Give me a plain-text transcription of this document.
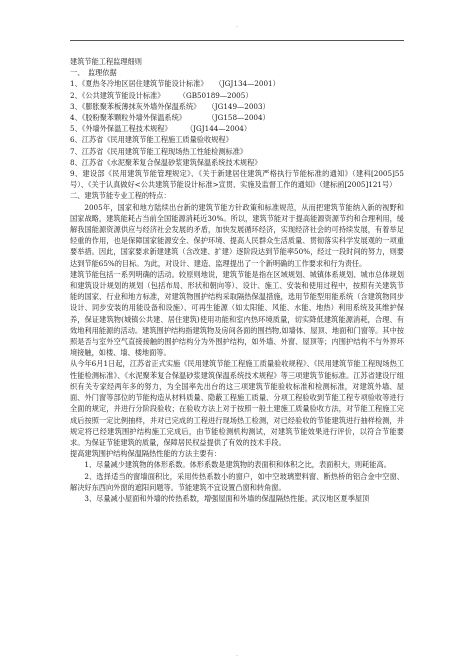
·
建筑节能工程监理细则
一、　监理依据
1、《夏热冬冷地区居住建筑节能设计标准》　　（JGJ134—2001）
2、《公共建筑节能设计标准》　　　（GB50189—2005）
3、《膨胀聚苯板薄抹灰外墙外保温系统》　　（JG149—2003）
4、《胶粉聚苯颗粒外墙外保温系统》　　　　（JG158—2004）
5、《外墙外保温工程技术规程》　　　（JGJ144—2004）
6、江苏省《民用建筑节能工程施工质量验收规程》
7、江苏省《民用建筑节能工程现场热工性能检测标准》
8、江苏省《水泥聚苯复合保温砂浆建筑保温系统技术规程》
9、建设部《民用建筑节能管理规定》、《关于新建居住建筑严格执行节能标准的通知》（建科[2005]55号）、《关于认真做好<公共建筑节能设计标准>宣贯、实施及监督工作的通知》（建标函[2005]121号）
二、建筑节能专业工程的特点：
2005年，国家和地方陆续出台新的建筑节能方针政策和标准规范，从而把建筑节能纳入新的视野和国家战略，建筑能耗占当前全国能源消耗近30%。所以，建筑节能对于提高能源资源节约和合理利用，缓解我国能源资源供应与经济社会发展的矛盾，加快发展循环经济，实现经济社会的可持续发展，有着举足轻重的作用，也是保障国家能源安全、保护环境、提高人民群众生活质量、贯彻落实科学发展观的一项重要举措。因此，国家要求新建建筑（含改建、扩建）逐阶段达到节能率50%，经过一段时间的努力，则要达到节能65%的目标。为此，对设计、建造、监理提出了一个新明确的工作要求和行为责任。
建筑节能包括一系列明确的活动。较原则地说，建筑节能是指在区域规划、城镇体系规划、城市总体规划和建筑设计规划的规划（包括布局、形状和朝向等）、设计、施工、安装和使用过程中，按照有关建筑节能的国家、行业和地方标准，对建筑物围护结构采取隔热保温措施，选用节能型用能系统（含建筑物同步设计、同步安装的用能设备和设施）、可再生能源（如太阳能、风能、水能、地热）利用系统及其维护保养，保证建筑物(城镇公共建、居住建筑)使用功能和室内热环境质量，切实降低建筑能源消耗，合理、有效地利用能源的活动。建筑围护结构指建筑物及房间各面的围挡物,如墙体、屋顶、地面和门窗等。其中按照是否与室外空气直接接触的围护结构分为外围护结构，如外墙、外窗、屋顶等；内围护结构不与外界环境接触，如楼、墙、楼地面等。
从今年6月1日起，江苏省正式实施《民用建筑节能工程施工质量验收规程》、《民用建筑节能工程现场热工性能检测标准》、《水泥聚苯复合保温砂浆建筑保温系统技术规程》等三项建筑节能标准。江苏省建设厅组织有关专家经两年多的努力，为全国率先出台的这三项建筑节能验收标准和检测标准，对建筑外墙、屋面、外门窗等部位的节能构造从材料质量、隐蔽工程施工质量、分项工程验收到节能工程专项验收等进行全面的规定，并进行分阶段验收；在验收方法上对于按照一般土建施工质量验收方法，对节能工程施工完成后按照一定比例抽样，并对已完成的工程进行现场热工检测，对已经验收的节能建筑进行抽样检测，并规定将已经建筑围护结构施工完成后，由节能检测机构测试，对建筑节能效果进行评价，以符合节能要求。为保证节能建筑的质量，保障居民权益提供了有效的技术手段。
提高建筑围护结构保温隔热性能的方法主要有：
1、尽量减少建筑物的体形系数。体形系数是建筑物的表面积和体积之比，表面积大，则耗能高。
2、选择适当的窗墙面积比，采用传热系数小的窗户，如中空玻璃塑料窗、断热桥的铝合金中空窗、解决好东西向外窗的遮阳问题等。节能建筑不宜设置凸窗和转角窗。
3、尽量减小屋面和外墙的传热系数，增强屋面和外墙的保温隔热性能。武汉地区夏季屋顶
·
